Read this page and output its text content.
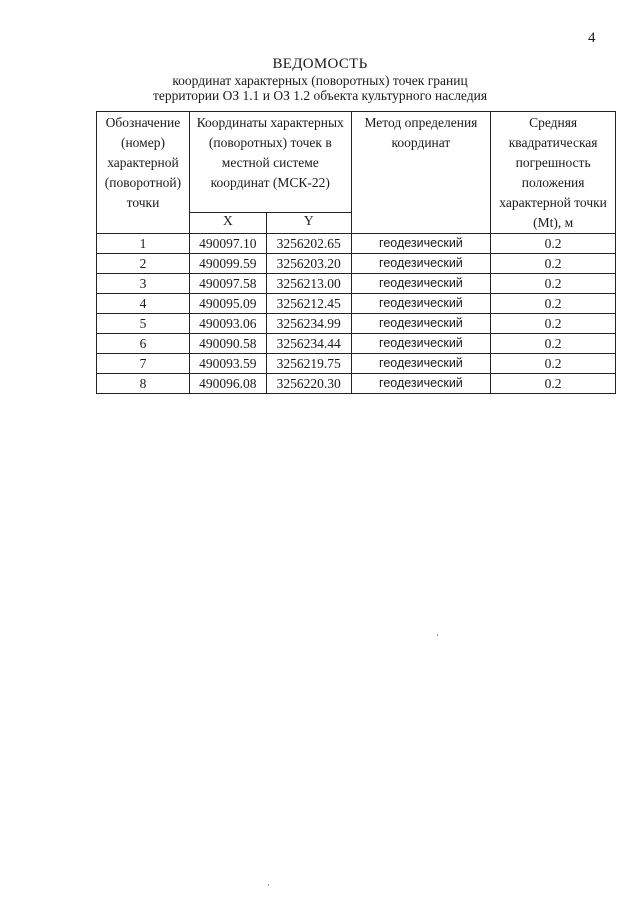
4
ВЕДОМОСТЬ
координат характерных (поворотных) точек границ
территории ОЗ 1.1 и ОЗ 1.2 объекта культурного наследия
Обозначение (номер) характерной (поворотной) точки	Координаты характерных (поворотных) точек в местной системе координат (МСК-22)		Метод определения координат	Средняя квадратическая погрешность положения характерной точки (Mt), м
	X	Y		
1	490097.10	3256202.65	геодезический	0.2
2	490099.59	3256203.20	геодезический	0.2
3	490097.58	3256213.00	геодезический	0.2
4	490095.09	3256212.45	геодезический	0.2
5	490093.06	3256234.99	геодезический	0.2
6	490090.58	3256234.44	геодезический	0.2
7	490093.59	3256219.75	геодезический	0.2
8	490096.08	3256220.30	геодезический	0.2
